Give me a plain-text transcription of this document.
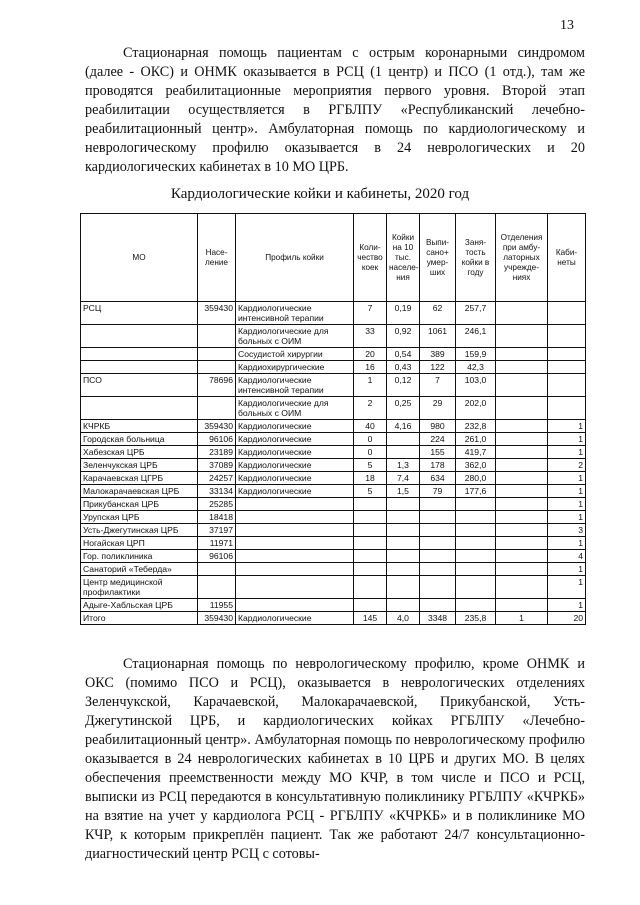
13

Стационарная помощь пациентам с острым коронарными синдромом (далее - ОКС) и ОНМК оказывается в РСЦ (1 центр) и ПСО (1 отд.), там же проводятся реабилитационные мероприятия первого уровня. Второй этап реабилитации осуществляется в РГБЛПУ «Республиканский лечебно-реабилитационный центр». Амбулаторная помощь по кардиологическому и неврологическому профилю оказывается в 24 неврологических и 20 кардиологических кабинетах в 10 МО ЦРБ.

Кардиологические койки и кабинеты, 2020 год
МО	Насе-ление	Профиль койки	Коли-чество коек	Койки на 10 тыс. населе-ния	Выпи-сано+ умер-ших	Заня-тость койки в году	Отделения при амбу-латорных учрежде-ниях	Каби-неты
РСЦ	359430	Кардиологические интенсивной терапии	7	0,19	62	257,7		
		Кардиологические для больных с ОИМ	33	0,92	1061	246,1		
		Сосудистой хирургии	20	0,54	389	159,9		
		Кардиохирургические	16	0,43	122	42,3		
ПСО	78696	Кардиологические интенсивной терапии	1	0,12	7	103,0		
		Кардиологические для больных с ОИМ	2	0,25	29	202,0		
КЧРКБ	359430	Кардиологические	40	4,16	980	232,8		1
Городская больница	96106	Кардиологические	0		224	261,0		1
Хабезская ЦРБ	23189	Кардиологические	0		155	419,7		1
Зеленчукская ЦРБ	37089	Кардиологические	5	1,3	178	362,0		2
Карачаевская ЦГРБ	24257	Кардиологические	18	7,4	634	280,0		1
Малокарачаевская ЦРБ	33134	Кардиологические	5	1,5	79	177,6		1
Прикубанская ЦРБ	25285							1
Урупская ЦРБ	18418							1
Усть-Джегутинская ЦРБ	37197							3
Ногайская ЦРП	11971							1
Гор. поликлиника	96106							4
Санаторий «Теберда»								1
Центр медицинской профилактики								1
Адыге-Хабльская ЦРБ	11955							1
Итого	359430	Кардиологические	145	4,0	3348	235,8	1	20

Стационарная помощь по неврологическому профилю, кроме ОНМК и ОКС (помимо ПСО и РСЦ), оказывается в неврологических отделениях Зеленчукской, Карачаевской, Малокарачаевской, Прикубанской, Усть-Джегутинской ЦРБ, и кардиологических койках РГБЛПУ «Лечебно-реабилитационный центр». Амбулаторная помощь по неврологическому профилю оказывается в 24 неврологических кабинетах в 10 ЦРБ и других МО. В целях обеспечения преемственности между МО КЧР, в том числе и ПСО и РСЦ, выписки из РСЦ передаются в консультативную поликлинику РГБЛПУ «КЧРКБ» на взятие на учет у кардиолога РСЦ - РГБЛПУ «КЧРКБ» и в поликлинике МО КЧР, к которым прикреплён пациент. Так же работают 24/7 консультационно-диагностический центр РСЦ с сотовы-
